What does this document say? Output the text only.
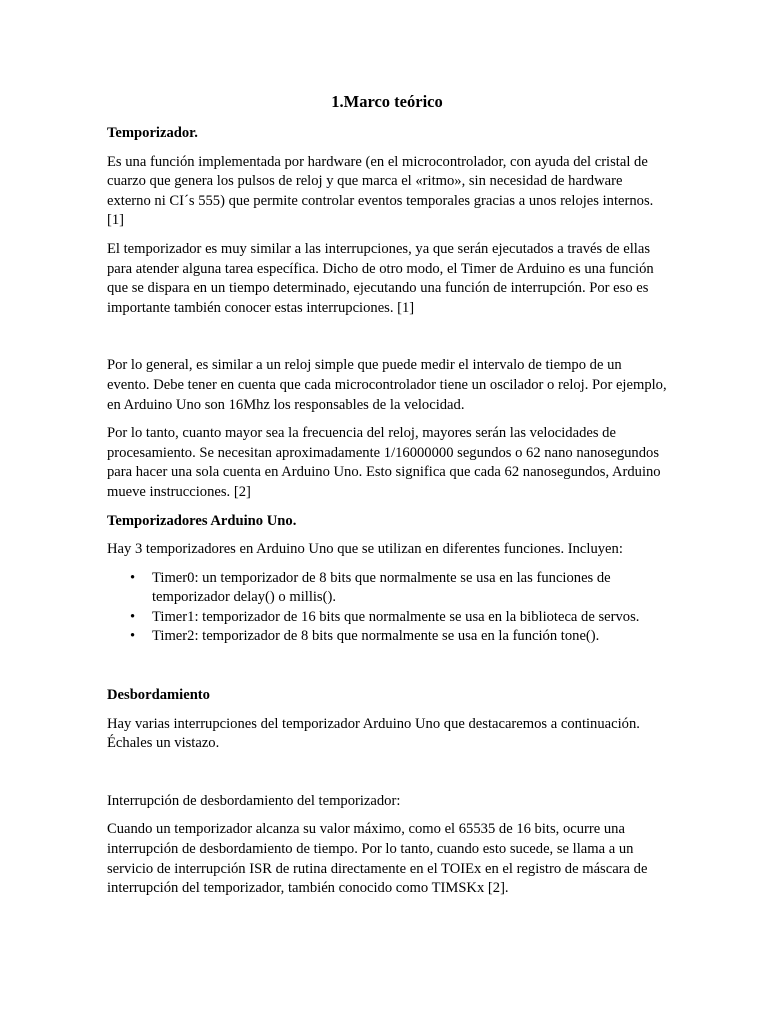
1.Marco teórico

Temporizador.

Es una función implementada por hardware (en el microcontrolador, con ayuda del cristal de cuarzo que genera los pulsos de reloj y que marca el «ritmo», sin necesidad de hardware externo ni CI´s 555) que permite controlar eventos temporales gracias a unos relojes internos. [1]

El temporizador es muy similar a las interrupciones, ya que serán ejecutados a través de ellas para atender alguna tarea específica. Dicho de otro modo, el Timer de Arduino es una función que se dispara en un tiempo determinado, ejecutando una función de interrupción. Por eso es importante también conocer estas interrupciones. [1]

Por lo general, es similar a un reloj simple que puede medir el intervalo de tiempo de un evento. Debe tener en cuenta que cada microcontrolador tiene un oscilador o reloj. Por ejemplo, en Arduino Uno son 16Mhz los responsables de la velocidad.

Por lo tanto, cuanto mayor sea la frecuencia del reloj, mayores serán las velocidades de procesamiento. Se necesitan aproximadamente 1/16000000 segundos o 62 nano nanosegundos para hacer una sola cuenta en Arduino Uno. Esto significa que cada 62 nanosegundos, Arduino mueve instrucciones. [2]

Temporizadores Arduino Uno.

Hay 3 temporizadores en Arduino Uno que se utilizan en diferentes funciones. Incluyen:

• Timer0: un temporizador de 8 bits que normalmente se usa en las funciones de temporizador delay() o millis().
• Timer1: temporizador de 16 bits que normalmente se usa en la biblioteca de servos.
• Timer2: temporizador de 8 bits que normalmente se usa en la función tone().

Desbordamiento

Hay varias interrupciones del temporizador Arduino Uno que destacaremos a continuación. Échales un vistazo.

Interrupción de desbordamiento del temporizador:

Cuando un temporizador alcanza su valor máximo, como el 65535 de 16 bits, ocurre una interrupción de desbordamiento de tiempo. Por lo tanto, cuando esto sucede, se llama a un servicio de interrupción ISR de rutina directamente en el TOIEx en el registro de máscara de interrupción del temporizador, también conocido como TIMSKx [2].
